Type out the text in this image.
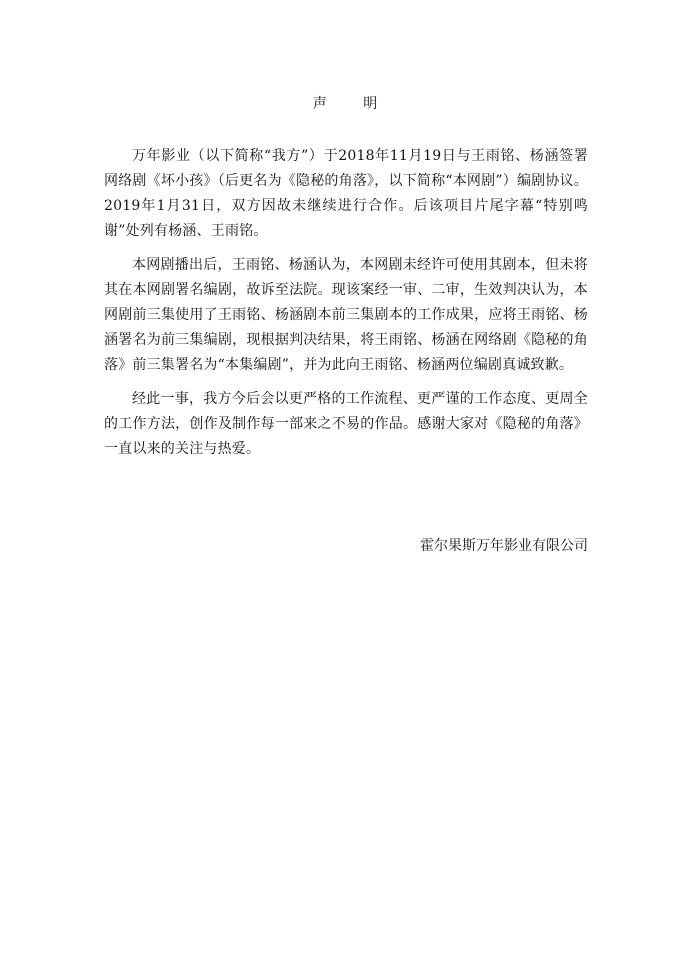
声 明

万年影业（以下简称“我方”）于2018年11月19日与王雨铭、杨涵签署网络剧《坏小孩》（后更名为《隐秘的角落》，以下简称“本网剧”）编剧协议。2019年1月31日，双方因故未继续进行合作。后该项目片尾字幕“特别鸣谢”处列有杨涵、王雨铭。

本网剧播出后，王雨铭、杨涵认为，本网剧未经许可使用其剧本，但未将其在本网剧署名编剧，故诉至法院。现该案经一审、二审，生效判决认为，本网剧前三集使用了王雨铭、杨涵剧本前三集剧本的工作成果，应将王雨铭、杨涵署名为前三集编剧，现根据判决结果，将王雨铭、杨涵在网络剧《隐秘的角落》前三集署名为“本集编剧”，并为此向王雨铭、杨涵两位编剧真诚致歉。

经此一事，我方今后会以更严格的工作流程、更严谨的工作态度、更周全的工作方法，创作及制作每一部来之不易的作品。感谢大家对《隐秘的角落》一直以来的关注与热爱。

霍尔果斯万年影业有限公司
